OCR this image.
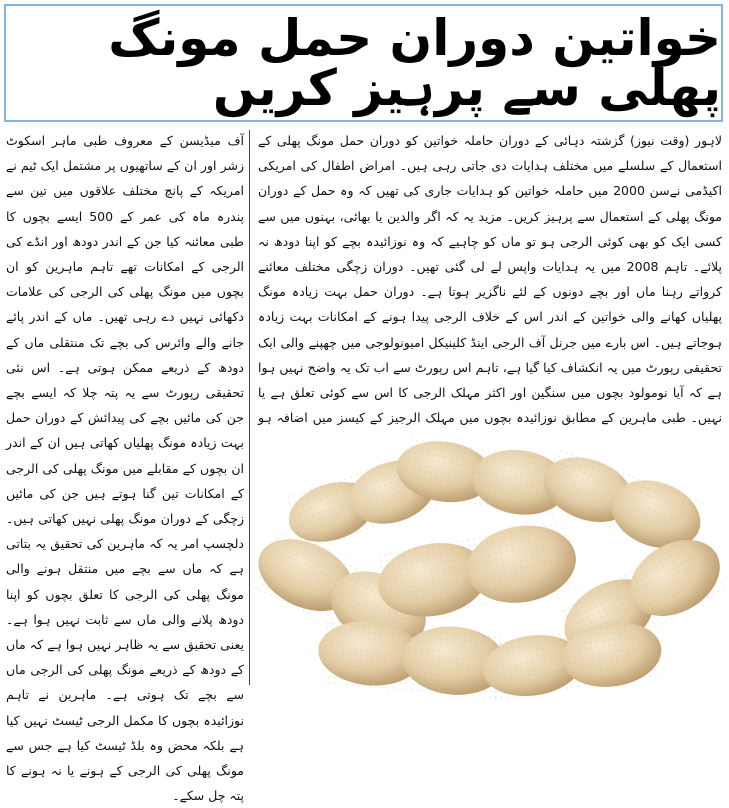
خواتین دوران حمل مونگ پھلی سے پرہیز کریں

لاہور (وقت نیوز) گزشتہ دہائی کے دوران حاملہ خواتین کو دوران حمل مونگ پھلی کے استعمال کے سلسلے میں مختلف ہدایات دی جاتی رہی ہیں۔ امراض اطفال کی امریکی اکیڈمی نےسن 2000 میں حاملہ خواتین کو ہدایات جاری کی تھیں کہ وہ حمل کے دوران مونگ پھلی کے استعمال سے پرہیز کریں۔ مزید یہ کہ اگر والدین یا بھائی، بہنوں میں سے کسی ایک کو بھی کوئی الرجی ہو تو ماں کو چاہیے کہ وہ نوزائیدہ بچے کو اپنا دودھ نہ پلائے۔ تاہم 2008 میں یہ ہدایات واپس لے لی گئی تھیں۔ دوران زچگی مختلف معائنے کرواتے رہنا ماں اور بچے دونوں کے لئے ناگزیر ہوتا ہے۔ دوران حمل بہت زیادہ مونگ پھلیاں کھانے والی خواتین کے اندر اس کے خلاف الرجی پیدا ہونے کے امکانات بہت زیادہ ہوجاتے ہیں۔ اس بارے میں جرنل آف الرجی اینڈ کلینیکل امیونولوجی میں چھپنے والی ایک تحقیقی رپورٹ میں یہ انکشاف کیا گیا ہے، تاہم اس رپورٹ سے اب تک یہ واضح نہیں ہوا ہے کہ آیا نومولود بچوں میں سنگین اور اکثر مہلک الرجی کا اس سے کوئی تعلق ہے یا نہیں۔ طبی ماہرین کے مطابق نوزائیدہ بچوں میں مہلک الرجیز کے کیسز میں اضافہ ہو

آف میڈیسن کے معروف طبی ماہر اسکوٹ زشر اور ان کے ساتھیوں پر مشتمل ایک ٹیم نے امریکہ کے پانچ مختلف علاقوں میں تین سے پندرہ ماہ کی عمر کے 500 ایسے بچوں کا طبی معائنہ کیا جن کے اندر دودھ اور انڈے کی الرجی کے امکانات تھے تاہم ماہرین کو ان بچوں میں مونگ پھلی کی الرجی کی علامات دکھائی نہیں دے رہی تھیں۔ ماں کے اندر پائے جانے والے وائرس کی بچے تک منتقلی ماں کے دودھ کے ذریعے ممکن ہوتی ہے۔ اس نئی تحقیقی رپورٹ سے یہ پتہ چلا کہ ایسے بچے جن کی مائیں بچے کی پیدائش کے دوران حمل بہت زیادہ مونگ پھلیاں کھاتی ہیں ان کے اندر ان بچوں کے مقابلے میں مونگ پھلی کی الرجی کے امکانات تین گنا ہوتے ہیں جن کی مائیں زچگی کے دوران مونگ پھلی نہیں کھاتی ہیں۔ دلچسپ امر یہ کہ ماہرین کی تحقیق یہ بتاتی ہے کہ ماں سے بچے میں منتقل ہونے والی مونگ پھلی کی الرجی کا تعلق بچوں کو اپنا دودھ پلانے والی ماں سے ثابت نہیں ہوا ہے۔ یعنی تحقیق سے یہ ظاہر نہیں ہوا ہے کہ ماں کے دودھ کے ذریعے مونگ پھلی کی الرجی ماں سے بچے تک ہوتی ہے۔ ماہرین نے تاہم نوزائیدہ بچوں کا مکمل الرجی ٹیسٹ نہیں کیا ہے بلکہ محض وہ بلڈ ٹیسٹ کیا ہے جس سے مونگ پھلی کی الرجی کے ہونے یا نہ ہونے کا پتہ چل سکے۔
